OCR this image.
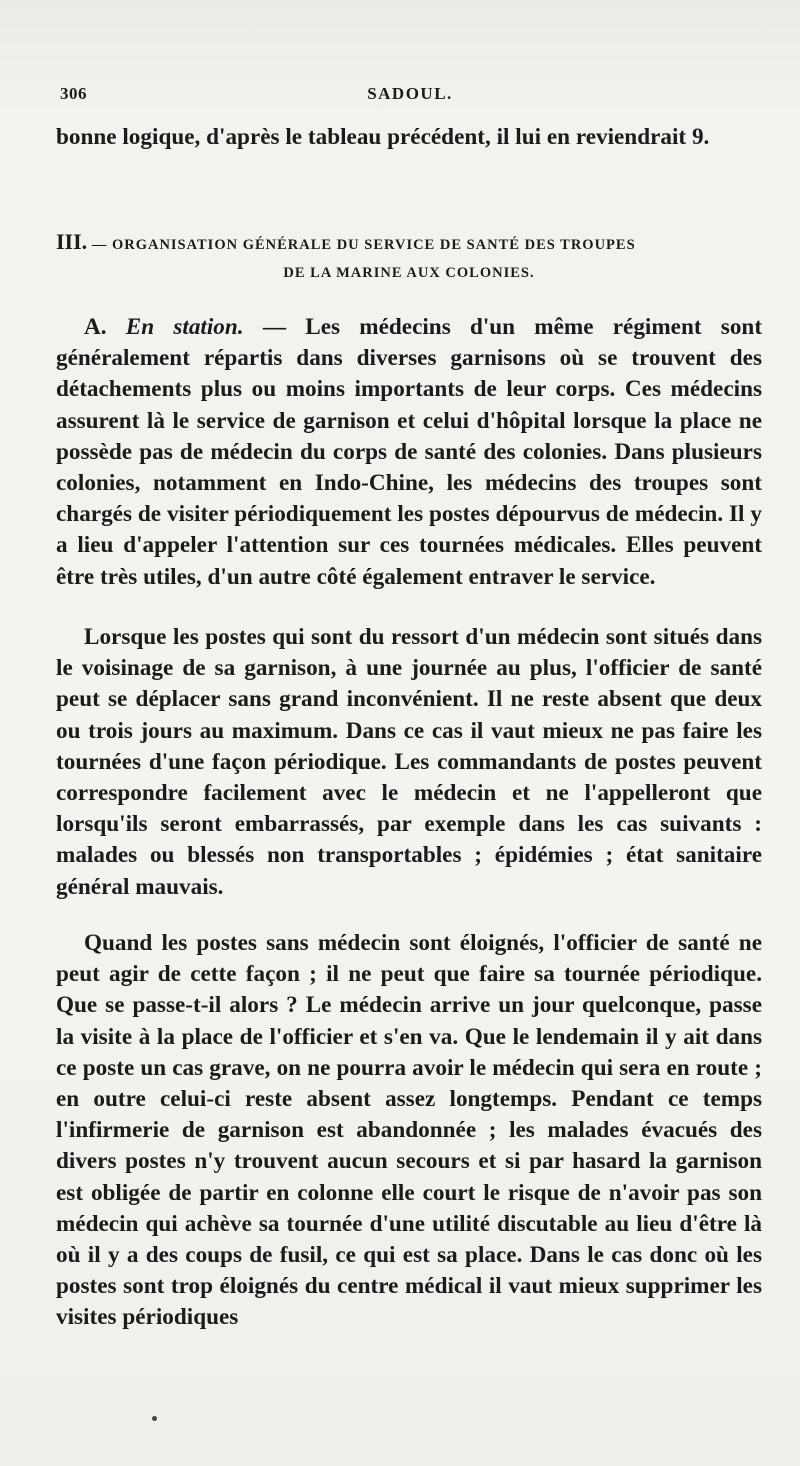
306	SADOUL.

bonne logique, d'après le tableau précédent, il lui en reviendrait 9.

III. — ORGANISATION GÉNÉRALE DU SERVICE DE SANTÉ DES TROUPES
DE LA MARINE AUX COLONIES.

A. En station. — Les médecins d'un même régiment sont généralement répartis dans diverses garnisons où se trouvent des détachements plus ou moins importants de leur corps. Ces médecins assurent là le service de garnison et celui d'hôpital lorsque la place ne possède pas de médecin du corps de santé des colonies. Dans plusieurs colonies, notamment en Indo-Chine, les médecins des troupes sont chargés de visiter périodiquement les postes dépourvus de médecin. Il y a lieu d'appeler l'attention sur ces tournées médicales. Elles peuvent être très utiles, d'un autre côté également entraver le service.

Lorsque les postes qui sont du ressort d'un médecin sont situés dans le voisinage de sa garnison, à une journée au plus, l'officier de santé peut se déplacer sans grand inconvénient. Il ne reste absent que deux ou trois jours au maximum. Dans ce cas il vaut mieux ne pas faire les tournées d'une façon périodique. Les commandants de postes peuvent correspondre facilement avec le médecin et ne l'appelleront que lorsqu'ils seront embarrassés, par exemple dans les cas suivants : malades ou blessés non transportables ; épidémies ; état sanitaire général mauvais.

Quand les postes sans médecin sont éloignés, l'officier de santé ne peut agir de cette façon ; il ne peut que faire sa tournée périodique. Que se passe-t-il alors ? Le médecin arrive un jour quelconque, passe la visite à la place de l'officier et s'en va. Que le lendemain il y ait dans ce poste un cas grave, on ne pourra avoir le médecin qui sera en route ; en outre celui-ci reste absent assez longtemps. Pendant ce temps l'infirmerie de garnison est abandonnée ; les malades évacués des divers postes n'y trouvent aucun secours et si par hasard la garnison est obligée de partir en colonne elle court le risque de n'avoir pas son médecin qui achève sa tournée d'une utilité discutable au lieu d'être là où il y a des coups de fusil, ce qui est sa place. Dans le cas donc où les postes sont trop éloignés du centre médical il vaut mieux supprimer les visites périodiques
